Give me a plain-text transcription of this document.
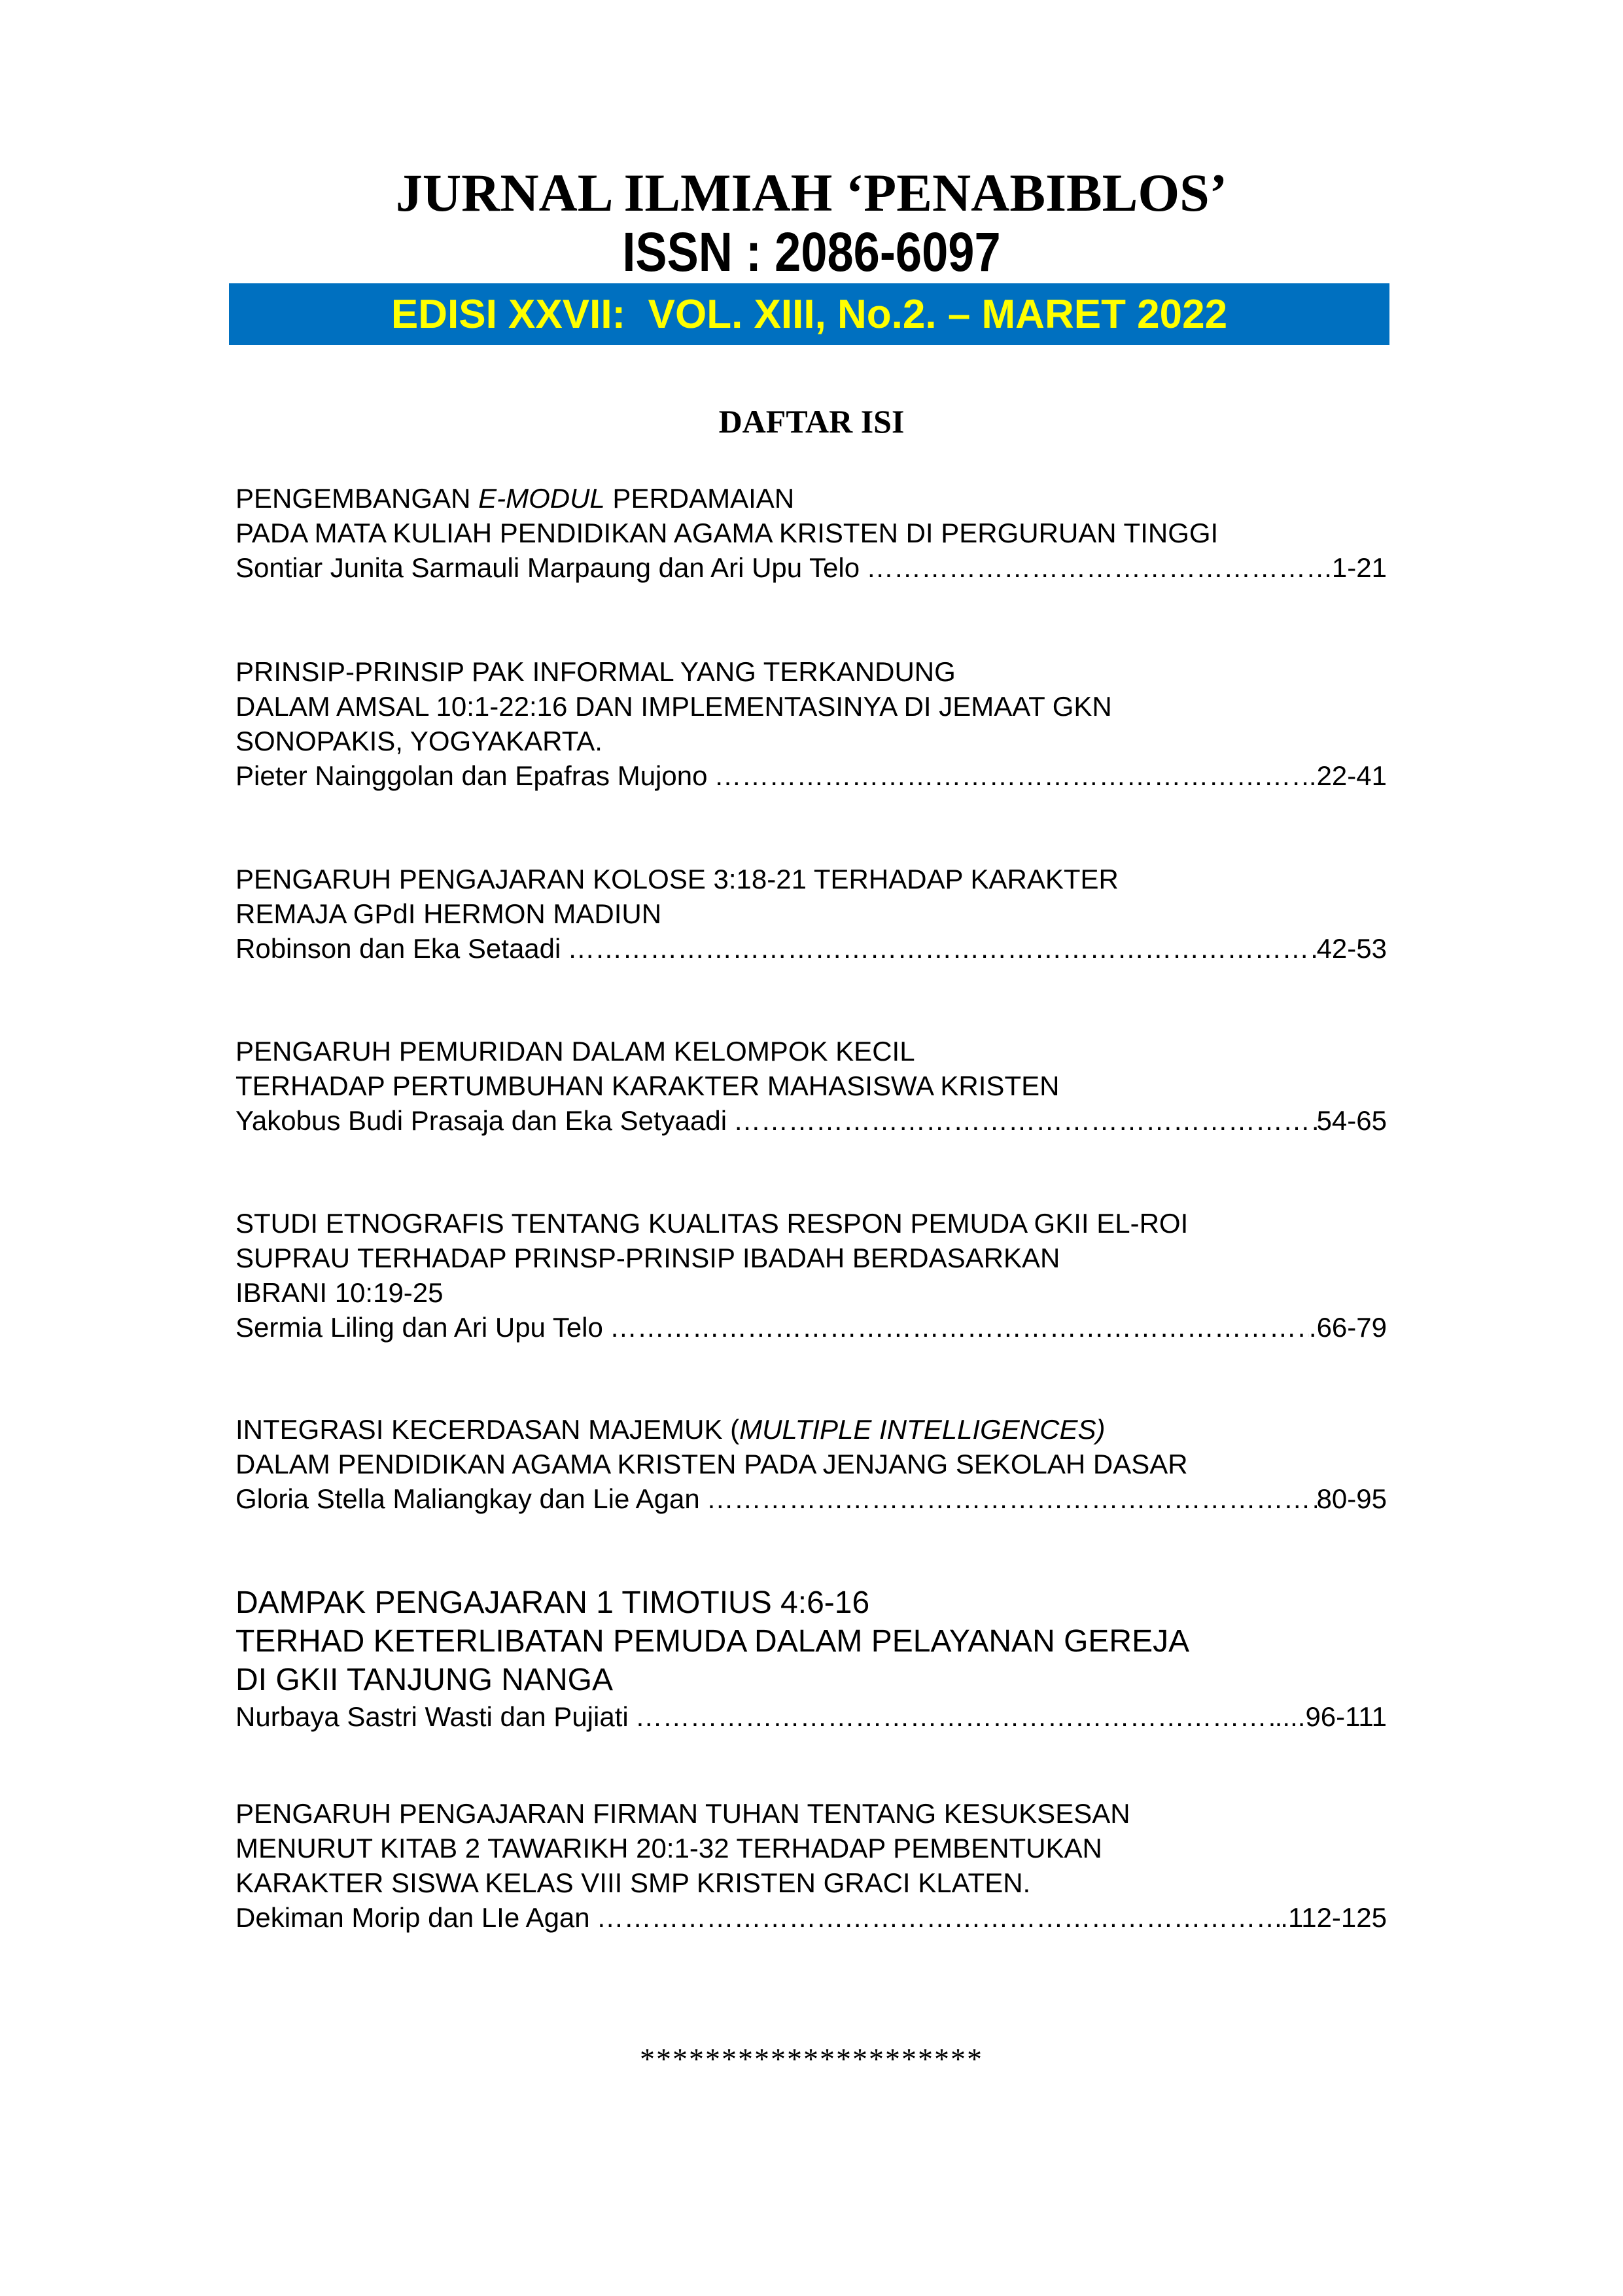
JURNAL ILMIAH ‘PENABIBLOS’
ISSN : 2086-6097
EDISI XXVII:  VOL. XIII, No.2. – MARET 2022
DAFTAR ISI

PENGEMBANGAN E-MODUL PERDAMAIAN

PADA MATA KULIAH PENDIDIKAN AGAMA KRISTEN DI PERGURUAN TINGGI

Sontiar Junita Sarmauli Marpaung dan Ari Upu Telo …………………………………………………………………………………………………………………………………………………………………………………………	.1-21

PRINSIP-PRINSIP PAK INFORMAL YANG TERKANDUNG

DALAM AMSAL 10:1-22:16 DAN IMPLEMENTASINYA DI JEMAAT GKN

SONOPAKIS, YOGYAKARTA.

Pieter Nainggolan dan Epafras Mujono …………………………………………………………………………………………………………………………………………………………………………………………	..22-41

PENGARUH PENGAJARAN KOLOSE 3:18-21 TERHADAP KARAKTER

REMAJA GPdI HERMON MADIUN

Robinson dan Eka Setaadi …………………………………………………………………………………………………………………………………………………………………………………………	42-53

PENGARUH PEMURIDAN DALAM KELOMPOK KECIL

TERHADAP PERTUMBUHAN KARAKTER MAHASISWA KRISTEN

Yakobus Budi Prasaja dan Eka Setyaadi …………………………………………………………………………………………………………………………………………………………………………………………	54-65

STUDI ETNOGRAFIS TENTANG KUALITAS RESPON PEMUDA GKII EL-ROI

SUPRAU TERHADAP PRINSP-PRINSIP IBADAH BERDASARKAN

IBRANI 10:19-25

Sermia Liling dan Ari Upu Telo …………………………………………………………………………………………………………………………………………………………………………………………	.66-79

INTEGRASI KECERDASAN MAJEMUK (MULTIPLE INTELLIGENCES)

DALAM PENDIDIKAN AGAMA KRISTEN PADA JENJANG SEKOLAH DASAR

Gloria Stella Maliangkay dan Lie Agan …………………………………………………………………………………………………………………………………………………………………………………………	80-95

DAMPAK PENGAJARAN 1 TIMOTIUS 4:6-16

TERHAD KETERLIBATAN PEMUDA DALAM PELAYANAN GEREJA

DI GKII TANJUNG NANGA

Nurbaya Sastri Wasti dan Pujiati …………………………………………………………………………………………………………………………………………………………………………………………	....96-111

PENGARUH PENGAJARAN FIRMAN TUHAN TENTANG KESUKSESAN

MENURUT KITAB 2 TAWARIKH 20:1-32 TERHADAP PEMBENTUKAN

KARAKTER SISWA KELAS VIII SMP KRISTEN GRACI KLATEN.

Dekiman Morip dan LIe Agan …………………………………………………………………………………………………………………………………………………………………………………………	.112-125
*********************
